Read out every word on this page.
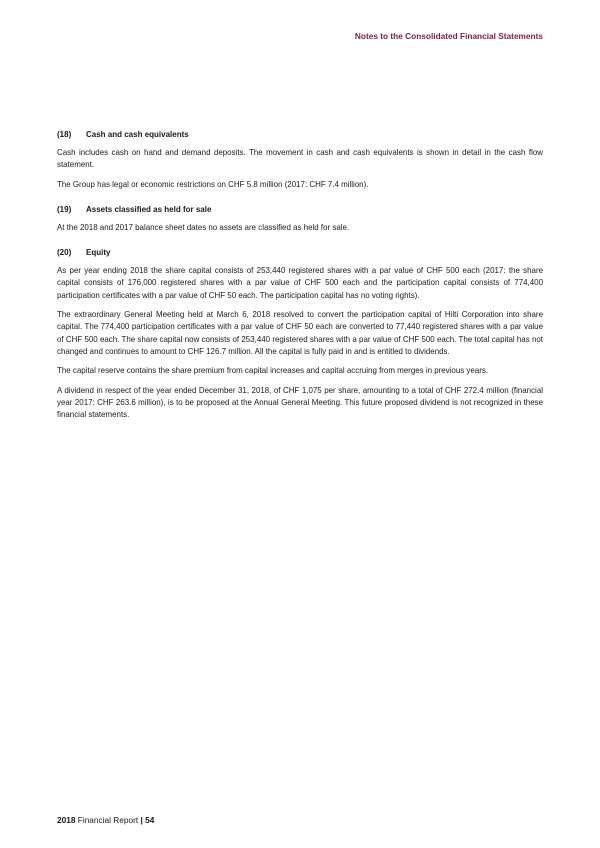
Notes to the Consolidated Financial Statements
(18) Cash and cash equivalents

Cash includes cash on hand and demand deposits. The movement in cash and cash equivalents is shown in detail in the cash flow statement.

The Group has legal or economic restrictions on CHF 5.8 million (2017: CHF 7.4 million).

(19) Assets classified as held for sale

At the 2018 and 2017 balance sheet dates no assets are classified as held for sale.

(20) Equity

As per year ending 2018 the share capital consists of 253,440 registered shares with a par value of CHF 500 each (2017: the share capital consists of 176,000 registered shares with a par value of CHF 500 each and the participation capital consists of 774,400 participation certificates with a par value of CHF 50 each. The participation capital has no voting rights).

The extraordinary General Meeting held at March 6, 2018 resolved to convert the participation capital of Hilti Corporation into share capital. The 774,400 participation certificates with a par value of CHF 50 each are converted to 77,440 registered shares with a par value of CHF 500 each. The share capital now consists of 253,440 registered shares with a par value of CHF 500 each. The total capital has not changed and continues to amount to CHF 126.7 million. All the capital is fully paid in and is entitled to dividends.

The capital reserve contains the share premium from capital increases and capital accruing from merges in previous years.

A dividend in respect of the year ended December 31, 2018, of CHF 1,075 per share, amounting to a total of CHF 272.4 million (financial year 2017: CHF 263.6 million), is to be proposed at the Annual General Meeting. This future proposed dividend is not recognized in these financial statements.

2018 Financial Report | 54
